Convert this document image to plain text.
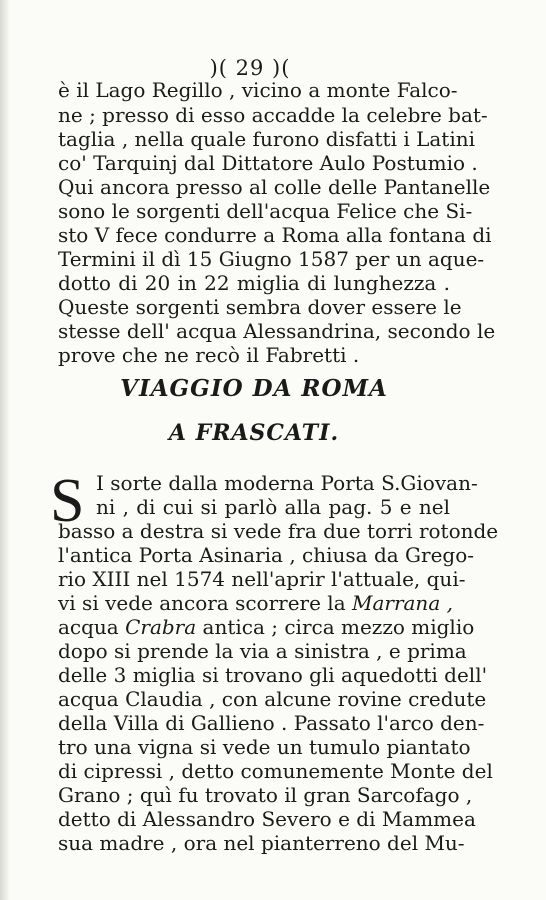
)( 29 )(
è il Lago Regillo , vicino a monte Falco-
ne ; presso di esso accadde la celebre bat-
taglia , nella quale furono disfatti i Latini
co' Tarquinj dal Dittatore Aulo Postumio .
Qui ancora presso al colle delle Pantanelle
sono le sorgenti dell'acqua Felice che Si-
sto V fece condurre a Roma alla fontana di
Termini il dì 15 Giugno 1587 per un aque-
dotto di 20 in 22 miglia di lunghezza .
Queste sorgenti sembra dover essere le
stesse dell' acqua Alessandrina, secondo le
prove che ne recò il Fabretti .
VIAGGIO DA ROMA
A FRASCATI.
S I sorte dalla moderna Porta S.Giovan-
ni , di cui si parlò alla pag. 5 e nel
basso a destra si vede fra due torri rotonde
l'antica Porta Asinaria , chiusa da Grego-
rio XIII nel 1574 nell'aprir l'attuale, qui-
vi si vede ancora scorrere la Marrana ,
acqua Crabra antica ; circa mezzo miglio
dopo si prende la via a sinistra , e prima
delle 3 miglia si trovano gli aquedotti dell'
acqua Claudia , con alcune rovine credute
della Villa di Gallieno . Passato l'arco den-
tro una vigna si vede un tumulo piantato
di cipressi , detto comunemente Monte del
Grano ; quì fu trovato il gran Sarcofago ,
detto di Alessandro Severo e di Mammea
sua madre , ora nel pianterreno del Mu-
